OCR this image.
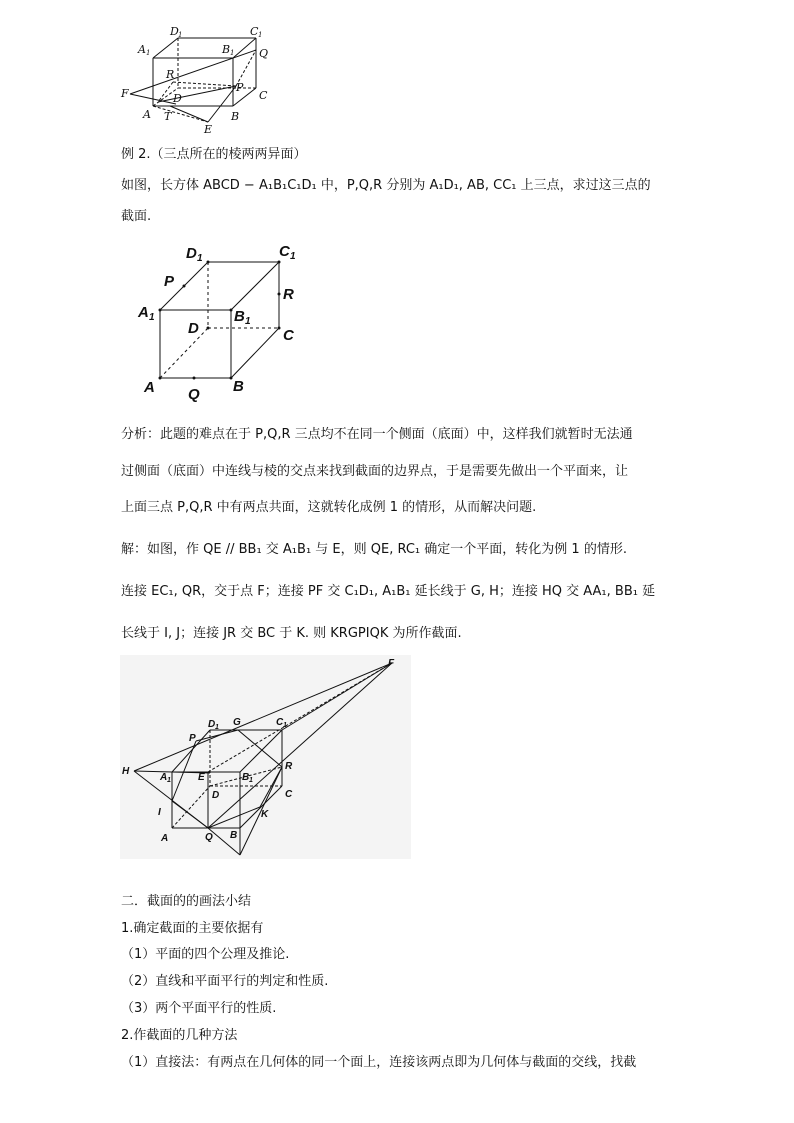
D 1	C 1
A 1	B 1 Q
R
P
C
F	D
A T	B
E
例 2.（三点所在的棱两两异面）
如图，长方体 ABCD − A₁B₁C₁D₁ 中，P,Q,R 分别为 A₁D₁, AB, CC₁ 上三点，求过这三点的
截面.
D 1	C 1
P
R
A 1
D
B 1
C
A Q B
分析：此题的难点在于 P,Q,R 三点均不在同一个侧面（底面）中，这样我们就暂时无法通
过侧面（底面）中连线与棱的交点来找到截面的边界点，于是需要先做出一个平面来，让
上面三点 P,Q,R 中有两点共面，这就转化成例 1 的情形，从而解决问题.
解：如图，作 QE // BB₁ 交 A₁B₁ 与 E，则 QE, RC₁ 确定一个平面，转化为例 1 的情形.
连接 EC₁, QR，交于点 F；连接 PF 交 C₁D₁, A₁B₁ 延长线于 G, H；连接 HQ 交 AA₁, BB₁ 延
长线于 I, J；连接 JR 交 BC 于 K. 则 KRGPIQK 为所作截面.
F
D 1 G	C 1
P
H
A 1	E	B 1
R
D	C
I	K
A	Q B
二．截面的的画法小结
1.确定截面的主要依据有
（1）平面的四个公理及推论.
（2）直线和平面平行的判定和性质.
（3）两个平面平行的性质.
2.作截面的几种方法
（1）直接法：有两点在几何体的同一个面上，连接该两点即为几何体与截面的交线，找截
